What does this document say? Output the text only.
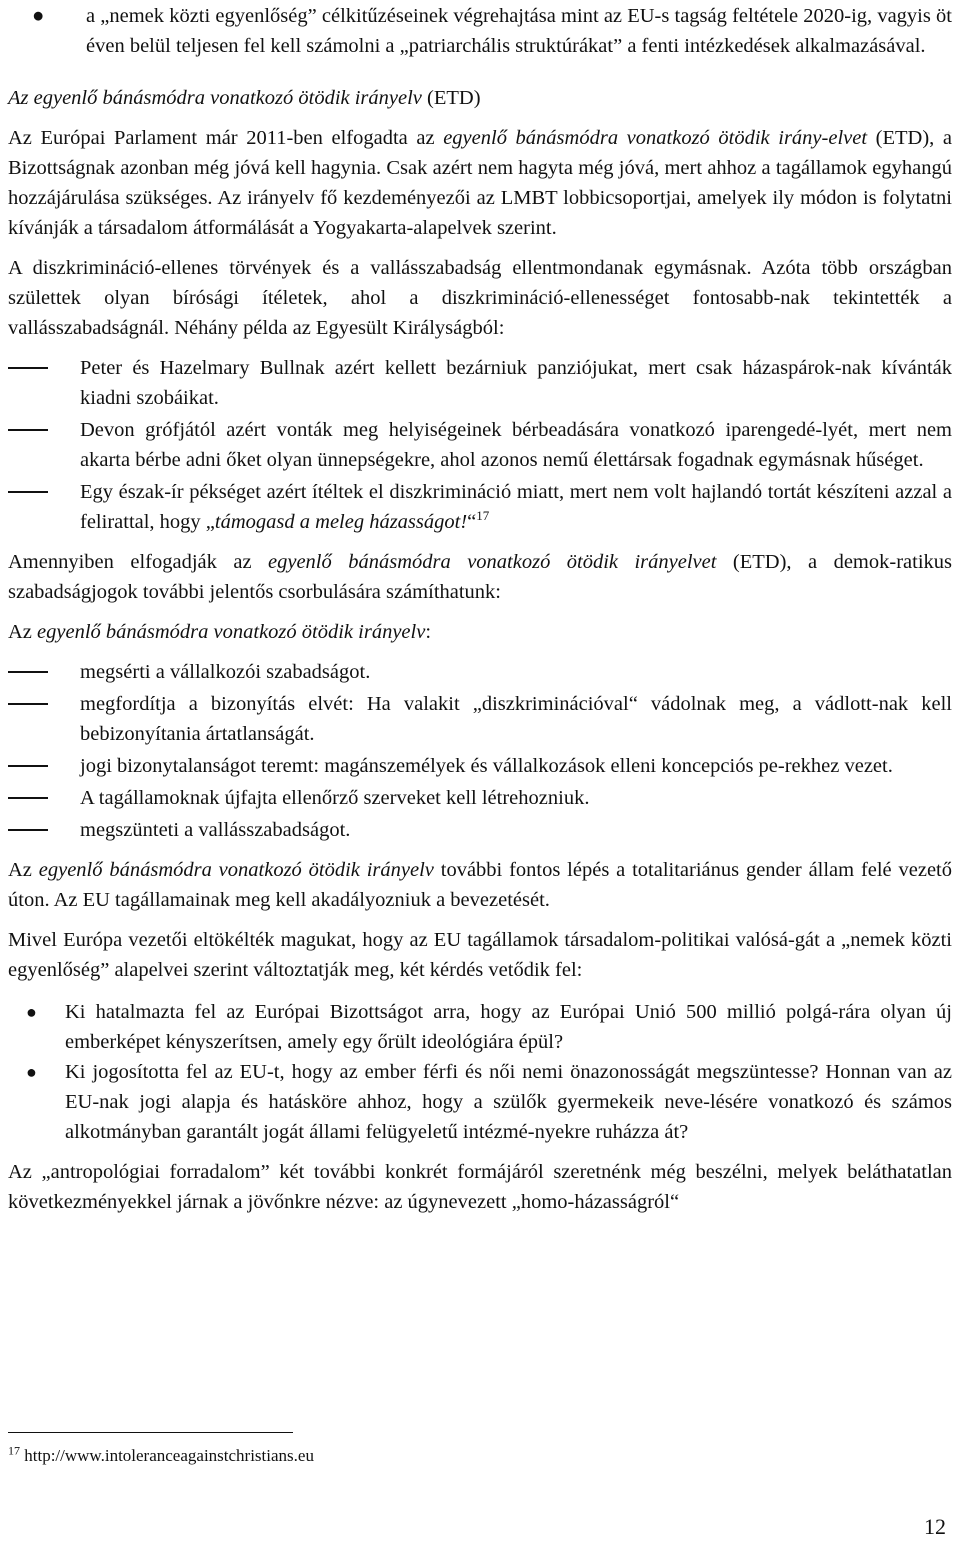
● a „nemek közti egyenlőség” célkitűzéseinek végrehajtása mint az EU-s tagság feltétele 2020-ig, vagyis öt éven belül teljesen fel kell számolni a „patriarchális struktúrákat” a fenti intézkedések alkalmazásával.

Az egyenlő bánásmódra vonatkozó ötödik irányelv (ETD)

Az Európai Parlament már 2011-ben elfogadta az egyenlő bánásmódra vonatkozó ötödik irány-elvet (ETD), a Bizottságnak azonban még jóvá kell hagynia. Csak azért nem hagyta még jóvá, mert ahhoz a tagállamok egyhangú hozzájárulása szükséges. Az irányelv fő kezdeményezői az LMBT lobbicsoportjai, amelyek ily módon is folytatni kívánják a társadalom átformálását a Yogyakarta-alapelvek szerint.

A diszkrimináció-ellenes törvények és a vallásszabadság ellentmondanak egymásnak. Azóta több országban születtek olyan bírósági ítéletek, ahol a diszkrimináció-ellenességet fontosabb-nak tekintették a vallásszabadságnál. Néhány példa az Egyesült Királyságból:

Peter és Hazelmary Bullnak azért kellett bezárniuk panziójukat, mert csak házaspárok-nak kívánták kiadni szobáikat.

Devon grófjától azért vonták meg helyiségeinek bérbeadására vonatkozó iparengedé-lyét, mert nem akarta bérbe adni őket olyan ünnepségekre, ahol azonos nemű élettársak fogadnak egymásnak hűséget.

Egy észak-ír pékséget azért ítéltek el diszkrimináció miatt, mert nem volt hajlandó tortát készíteni azzal a felirattal, hogy „támogasd a meleg házasságot!“$^{17}$

Amennyiben elfogadják az egyenlő bánásmódra vonatkozó ötödik irányelvet (ETD), a demok-ratikus szabadságjogok további jelentős csorbulására számíthatunk:

Az egyenlő bánásmódra vonatkozó ötödik irányelv:

megsérti a vállalkozói szabadságot.

megfordítja a bizonyítás elvét: Ha valakit „diszkriminációval“ vádolnak meg, a vádlott-nak kell bebizonyítania ártatlanságát.

jogi bizonytalanságot teremt: magánszemélyek és vállalkozások elleni koncepciós pe-rekhez vezet.

A tagállamoknak újfajta ellenőrző szerveket kell létrehozniuk.

megszünteti a vallásszabadságot.

Az egyenlő bánásmódra vonatkozó ötödik irányelv további fontos lépés a totalitariánus gender állam felé vezető úton. Az EU tagállamainak meg kell akadályozniuk a bevezetését.

Mivel Európa vezetői eltökélték magukat, hogy az EU tagállamok társadalom-politikai valósá-gát a „nemek közti egyenlőség” alapelvei szerint változtatják meg, két kérdés vetődik fel:

● Ki hatalmazta fel az Európai Bizottságot arra, hogy az Európai Unió 500 millió polgá-rára olyan új emberképet kényszerítsen, amely egy őrült ideológiára épül?

● Ki jogosította fel az EU-t, hogy az ember férfi és női nemi önazonosságát megszüntesse? Honnan van az EU-nak jogi alapja és hatásköre ahhoz, hogy a szülők gyermekeik neve-lésére vonatkozó és számos alkotmányban garantált jogát állami felügyeletű intézmé-nyekre ruházza át?

Az „antropológiai forradalom” két további konkrét formájáról szeretnénk még beszélni, melyek beláthatatlan következményekkel járnak a jövőnkre nézve: az úgynevezett „homo-házasságról“

$^{17}$ http://www.intoleranceagainstchristians.eu
12
